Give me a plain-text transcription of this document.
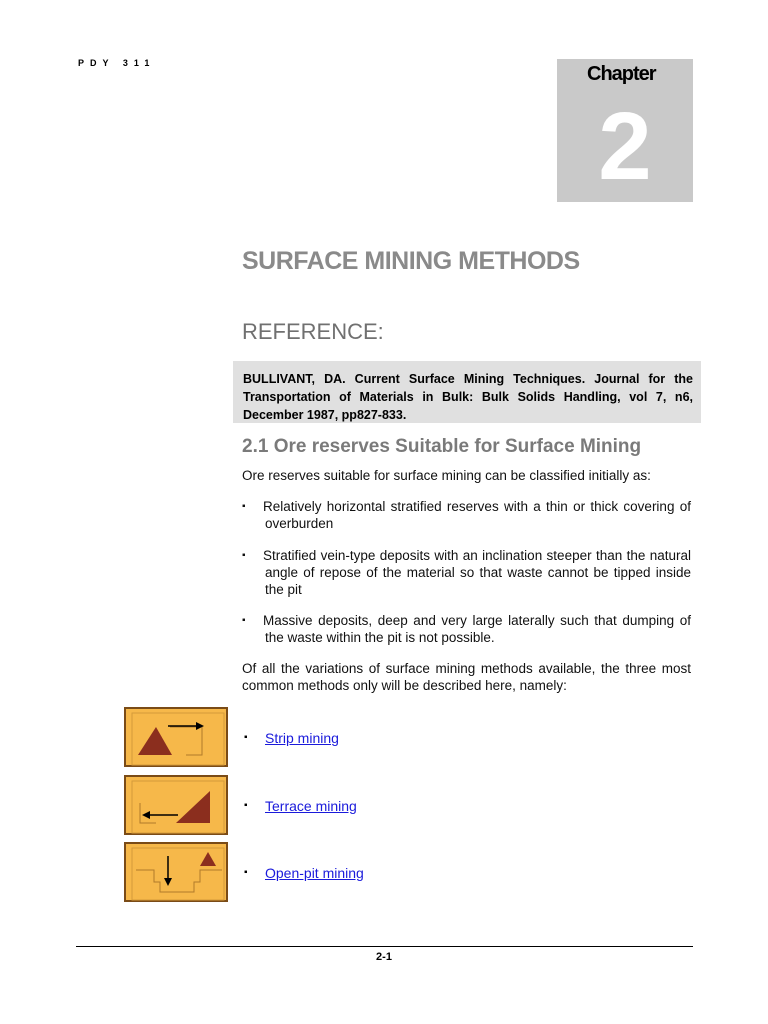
PDY 311	Chapter
2
SURFACE MINING METHODS
REFERENCE:
BULLIVANT, DA. Current Surface Mining Techniques. Journal for the Transportation of Materials in Bulk: Bulk Solids Handling, vol 7, n6, December 1987, pp827-833.
2.1 Ore reserves Suitable for Surface Mining
Ore reserves suitable for surface mining can be classified initially as:
▪	Relatively horizontal stratified reserves with a thin or thick covering of overburden
▪	Stratified vein-type deposits with an inclination steeper than the natural angle of repose of the material so that waste cannot be tipped inside the pit
▪	Massive deposits, deep and very large laterally such that dumping of the waste within the pit is not possible.
Of all the variations of surface mining methods available, the three most common methods only will be described here, namely:
▪ Strip mining
▪ Terrace mining
▪ Open-pit mining
2-1
